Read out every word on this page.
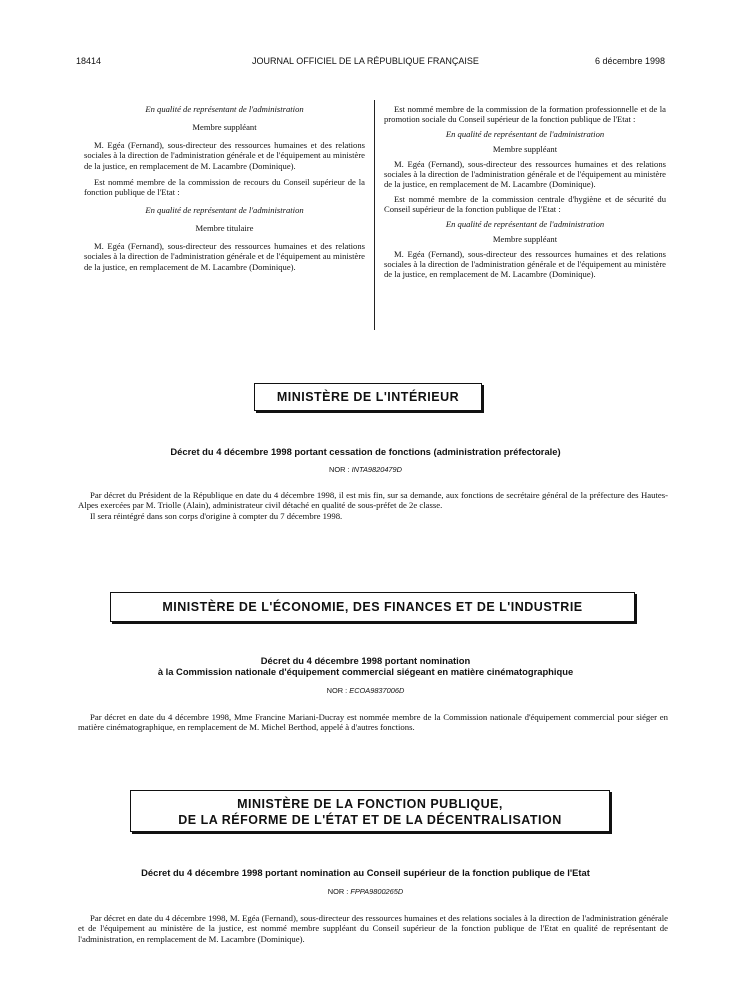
18414	JOURNAL OFFICIEL DE LA RÉPUBLIQUE FRANÇAISE	6 décembre 1998

En qualité de représentant de l'administration

Membre suppléant

M. Egéa (Fernand), sous-directeur des ressources humaines et des relations sociales à la direction de l'administration générale et de l'équipement au ministère de la justice, en remplacement de M. Lacambre (Dominique).

Est nommé membre de la commission de recours du Conseil supérieur de la fonction publique de l'Etat :

En qualité de représentant de l'administration

Membre titulaire

M. Egéa (Fernand), sous-directeur des ressources humaines et des relations sociales à la direction de l'administration générale et de l'équipement au ministère de la justice, en remplacement de M. Lacambre (Dominique).

Est nommé membre de la commission de la formation professionnelle et de la promotion sociale du Conseil supérieur de la fonction publique de l'Etat :

En qualité de représentant de l'administration

Membre suppléant

M. Egéa (Fernand), sous-directeur des ressources humaines et des relations sociales à la direction de l'administration générale et de l'équipement au ministère de la justice, en remplacement de M. Lacambre (Dominique).

Est nommé membre de la commission centrale d'hygiène et de sécurité du Conseil supérieur de la fonction publique de l'Etat :

En qualité de représentant de l'administration

Membre suppléant

M. Egéa (Fernand), sous-directeur des ressources humaines et des relations sociales à la direction de l'administration générale et de l'équipement au ministère de la justice, en remplacement de M. Lacambre (Dominique).

MINISTÈRE DE L'INTÉRIEUR
Décret du 4 décembre 1998 portant cessation de fonctions (administration préfectorale)
NOR : INTA9820479D

Par décret du Président de la République en date du 4 décembre 1998, il est mis fin, sur sa demande, aux fonctions de secrétaire général de la préfecture des Hautes-Alpes exercées par M. Triolle (Alain), administrateur civil détaché en qualité de sous-préfet de 2e classe.

Il sera réintégré dans son corps d'origine à compter du 7 décembre 1998.

MINISTÈRE DE L'ÉCONOMIE, DES FINANCES ET DE L'INDUSTRIE
Décret du 4 décembre 1998 portant nomination
à la Commission nationale d'équipement commercial siégeant en matière cinématographique
NOR : ECOA9837006D

Par décret en date du 4 décembre 1998, Mme Francine Mariani-Ducray est nommée membre de la Commission nationale d'équipement commercial pour siéger en matière cinématographique, en remplacement de M. Michel Berthod, appelé à d'autres fonctions.

MINISTÈRE DE LA FONCTION PUBLIQUE,
DE LA RÉFORME DE L'ÉTAT ET DE LA DÉCENTRALISATION
Décret du 4 décembre 1998 portant nomination au Conseil supérieur de la fonction publique de l'Etat
NOR : FPPA9800265D

Par décret en date du 4 décembre 1998, M. Egéa (Fernand), sous-directeur des ressources humaines et des relations sociales à la direction de l'administration générale et de l'équipement au ministère de la justice, est nommé membre suppléant du Conseil supérieur de la fonction publique de l'Etat en qualité de représentant de l'administration, en remplacement de M. Lacambre (Dominique).
